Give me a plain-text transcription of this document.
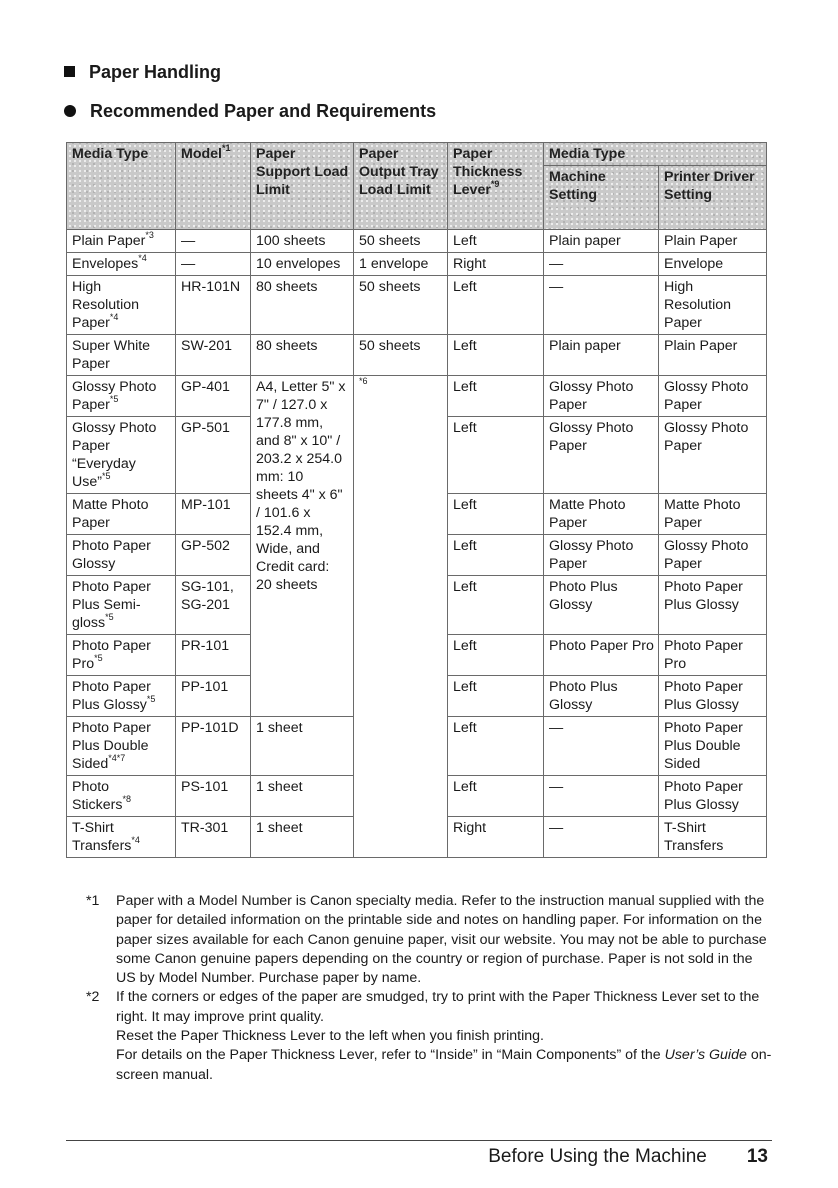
Paper Handling
Recommended Paper and Requirements
Media Type	Model$^{*1}$	Paper Support Load Limit	Paper Output Tray Load Limit	Paper Thickness Lever$^{*9}$	Media Type	
					Machine Setting	Printer Driver Setting
Plain Paper$^{*3}$	—	100 sheets	50 sheets	Left	Plain paper	Plain Paper
Envelopes$^{*4}$	—	10 envelopes	1 envelope	Right	—	Envelope
High Resolution Paper$^{*4}$	HR-101N	80 sheets	50 sheets	Left	—	High Resolution Paper
Super White Paper	SW-201	80 sheets	50 sheets	Left	Plain paper	Plain Paper
Glossy Photo Paper$^{*5}$	GP-401	A4, Letter 5" x 7" / 127.0 x 177.8 mm, and 8" x 10" / 203.2 x 254.0 mm: 10 sheets 4" x 6" / 101.6 x 152.4 mm, Wide, and Credit card: 20 sheets	$^{*6}$	Left	Glossy Photo Paper	Glossy Photo Paper
Glossy Photo Paper “Everyday Use”$^{*5}$	GP-501			Left	Glossy Photo Paper	Glossy Photo Paper
Matte Photo Paper	MP-101			Left	Matte Photo Paper	Matte Photo Paper
Photo Paper Glossy	GP-502			Left	Glossy Photo Paper	Glossy Photo Paper
Photo Paper Plus Semi-gloss$^{*5}$	SG-101, SG-201			Left	Photo Plus Glossy	Photo Paper Plus Glossy
Photo Paper Pro$^{*5}$	PR-101			Left	Photo Paper Pro	Photo Paper Pro
Photo Paper Plus Glossy$^{*5}$	PP-101			Left	Photo Plus Glossy	Photo Paper Plus Glossy
Photo Paper Plus Double Sided$^{*4*7}$	PP-101D	1 sheet		Left	—	Photo Paper Plus Double Sided
Photo Stickers$^{*8}$	PS-101	1 sheet		Left	—	Photo Paper Plus Glossy
T-Shirt Transfers$^{*4}$	TR-301	1 sheet		Right	—	T-Shirt Transfers
*1 Paper with a Model Number is Canon specialty media. Refer to the instruction manual supplied with the paper for detailed information on the printable side and notes on handling paper. For information on the paper sizes available for each Canon genuine paper, visit our website. You may not be able to purchase some Canon genuine papers depending on the country or region of purchase. Paper is not sold in the US by Model Number. Purchase paper by name.

*2 If the corners or edges of the paper are smudged, try to print with the Paper Thickness Lever set to the right. It may improve print quality.

Reset the Paper Thickness Lever to the left when you finish printing.

For details on the Paper Thickness Lever, refer to “Inside” in “Main Components” of the User’s Guide on-screen manual.

Before Using the Machine 13
